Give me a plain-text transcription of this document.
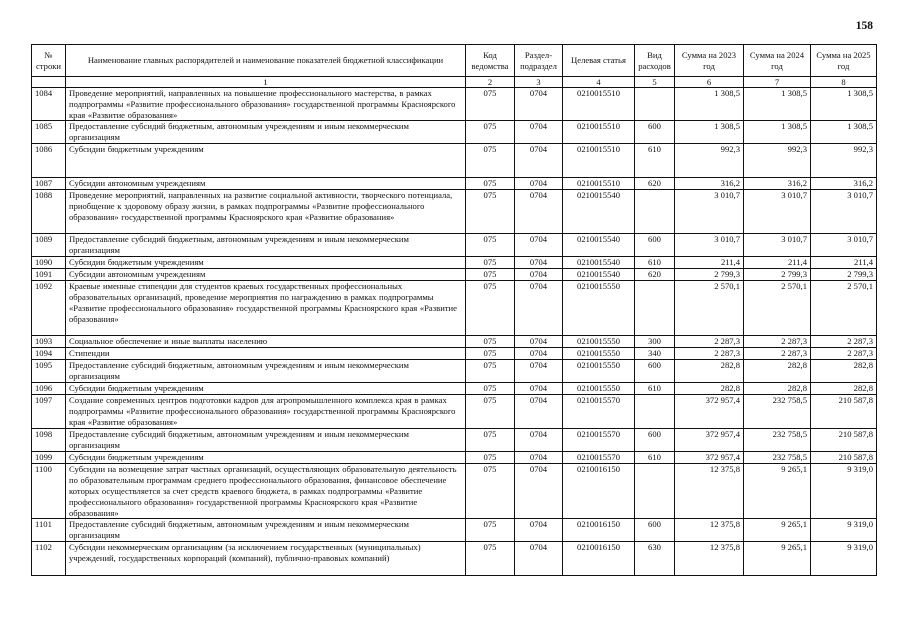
158
№ строки	Наименование главных распорядителей и наименование показателей бюджетной классификации	Код ведомства	Раздел-подраздел	Целевая статья	Вид расходов	Сумма на 2023 год	Сумма на 2024 год	Сумма на 2025 год
	1	2	3	4	5	6	7	8
1084	Проведение мероприятий, направленных на повышение профессионального мастерства, в рамках подпрограммы «Развитие профессионального образования» государственной программы Красноярского края «Развитие образования»	075	0704	0210015510		1 308,5	1 308,5	1 308,5
1085	Предоставление субсидий бюджетным, автономным учреждениям и иным некоммерческим организациям	075	0704	0210015510	600	1 308,5	1 308,5	1 308,5
1086	Субсидии бюджетным учреждениям	075	0704	0210015510	610	992,3	992,3	992,3
1087	Субсидии автономным учреждениям	075	0704	0210015510	620	316,2	316,2	316,2
1088	Проведение мероприятий, направленных на развитие социальной активности, творческого потенциала, приобщение к здоровому образу жизни, в рамках подпрограммы «Развитие профессионального образования» государственной программы Красноярского края «Развитие образования»	075	0704	0210015540		3 010,7	3 010,7	3 010,7
1089	Предоставление субсидий бюджетным, автономным учреждениям и иным некоммерческим организациям	075	0704	0210015540	600	3 010,7	3 010,7	3 010,7
1090	Субсидии бюджетным учреждениям	075	0704	0210015540	610	211,4	211,4	211,4
1091	Субсидии автономным учреждениям	075	0704	0210015540	620	2 799,3	2 799,3	2 799,3
1092	Краевые именные стипендии для студентов краевых государственных профессиональных образовательных организаций, проведение мероприятия по награждению в рамках подпрограммы «Развитие профессионального образования» государственной программы Красноярского края «Развитие образования»	075	0704	0210015550		2 570,1	2 570,1	2 570,1
1093	Социальное обеспечение и иные выплаты населению	075	0704	0210015550	300	2 287,3	2 287,3	2 287,3
1094	Стипендии	075	0704	0210015550	340	2 287,3	2 287,3	2 287,3
1095	Предоставление субсидий бюджетным, автономным учреждениям и иным некоммерческим организациям	075	0704	0210015550	600	282,8	282,8	282,8
1096	Субсидии бюджетным учреждениям	075	0704	0210015550	610	282,8	282,8	282,8
1097	Создание современных центров подготовки кадров для агропромышленного комплекса края в рамках подпрограммы «Развитие профессионального образования» государственной программы Красноярского края «Развитие образования»	075	0704	0210015570		372 957,4	232 758,5	210 587,8
1098	Предоставление субсидий бюджетным, автономным учреждениям и иным некоммерческим организациям	075	0704	0210015570	600	372 957,4	232 758,5	210 587,8
1099	Субсидии бюджетным учреждениям	075	0704	0210015570	610	372 957,4	232 758,5	210 587,8
1100	Субсидии на возмещение затрат частных организаций, осуществляющих образовательную деятельность по образовательным программам среднего профессионального образования, финансовое обеспечение которых осуществляется за счет средств краевого бюджета, в рамках подпрограммы «Развитие профессионального образования» государственной программы Красноярского края «Развитие образования»	075	0704	0210016150		12 375,8	9 265,1	9 319,0
1101	Предоставление субсидий бюджетным, автономным учреждениям и иным некоммерческим организациям	075	0704	0210016150	600	12 375,8	9 265,1	9 319,0
1102	Субсидии некоммерческим организациям (за исключением государственных (муниципальных) учреждений, государственных корпораций (компаний), публично-правовых компаний)	075	0704	0210016150	630	12 375,8	9 265,1	9 319,0
